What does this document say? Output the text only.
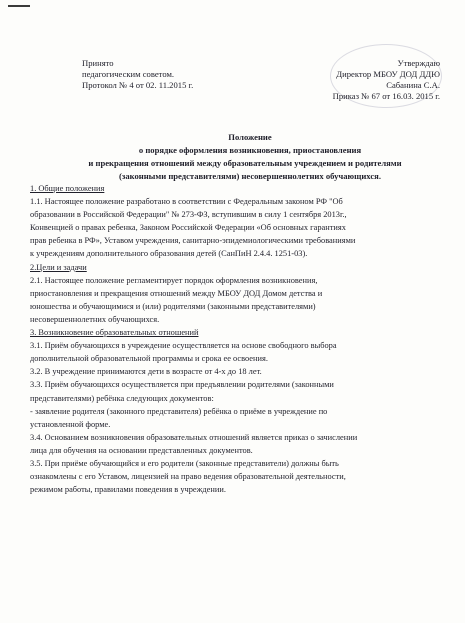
Принято
педагогическим советом.
Протокол № 4 от 02. 11.2015 г.
Утверждаю
Директор МБОУ ДОД ДДЮ
Сабанина С.А.
Приказ № 67 от 16.03. 2015 г.
Положение
о порядке оформления возникновения, приостановления
и прекращения отношений между образовательным учреждением и родителями
(законными представителями) несовершеннолетних обучающихся.
1. Общие положения
1.1. Настоящее положение разработано в соответствии с Федеральным законом РФ "Об
образовании в Российской Федерации" № 273-ФЗ, вступившим в силу 1 сентября 2013г.,
Конвенцией о правах ребенка, Законом Российской Федерации «Об основных гарантиях
прав ребенка в РФ», Уставом учреждения, санитарно-эпидемиологическими требованиями
к учреждениям дополнительного образования детей (СанПиН 2.4.4. 1251-03).
2.Цели и задачи
2.1. Настоящее положение регламентирует порядок оформления возникновения,
приостановления и прекращения отношений между МБОУ ДОД Домом детства и
юношества и обучающимися и (или) родителями (законными представителями)
несовершеннолетних обучающихся.
3. Возникновение образовательных отношений
3.1. Приём обучающихся в учреждение осуществляется на основе свободного выбора
дополнительной образовательной программы и срока ее освоения.
3.2. В учреждение принимаются дети в возрасте от 4-х до 18 лет.
3.3. Приём обучающихся осуществляется при предъявлении родителями (законными
представителями) ребёнка следующих документов:
- заявление родителя (законного представителя) ребёнка о приёме в учреждение по
установленной форме.
3.4. Основанием возникновения образовательных отношений является приказ о зачислении
лица для обучения на основании представленных документов.
3.5. При приёме обучающийся и его родители (законные представители) должны быть
ознакомлены с его Уставом, лицензией на право ведения образовательной деятельности,
режимом работы, правилами поведения в учреждении.
